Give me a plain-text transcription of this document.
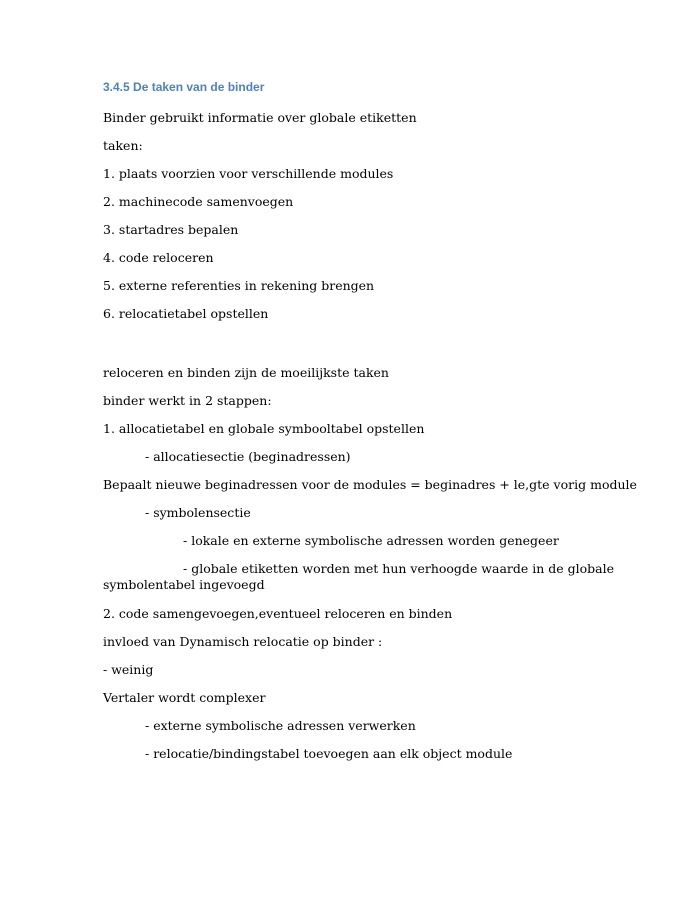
3.4.5 De taken van de binder
Binder gebruikt informatie over globale etiketten
taken:
1. plaats voorzien voor verschillende modules
2. machinecode samenvoegen
3. startadres bepalen
4. code reloceren
5. externe referenties in rekening brengen
6. relocatietabel opstellen
reloceren en binden zijn de moeilijkste taken
binder werkt in 2 stappen:
1. allocatietabel en globale symbooltabel opstellen
- allocatiesectie (beginadressen)
Bepaalt nieuwe beginadressen voor de modules = beginadres + le,gte vorig module
- symbolensectie
- lokale en externe symbolische adressen worden genegeer
- globale etiketten worden met hun verhoogde waarde in de globale
symbolentabel ingevoegd
2. code samengevoegen,eventueel reloceren en binden
invloed van Dynamisch relocatie op binder :
- weinig
Vertaler wordt complexer
- externe symbolische adressen verwerken
- relocatie/bindingstabel toevoegen aan elk object module
